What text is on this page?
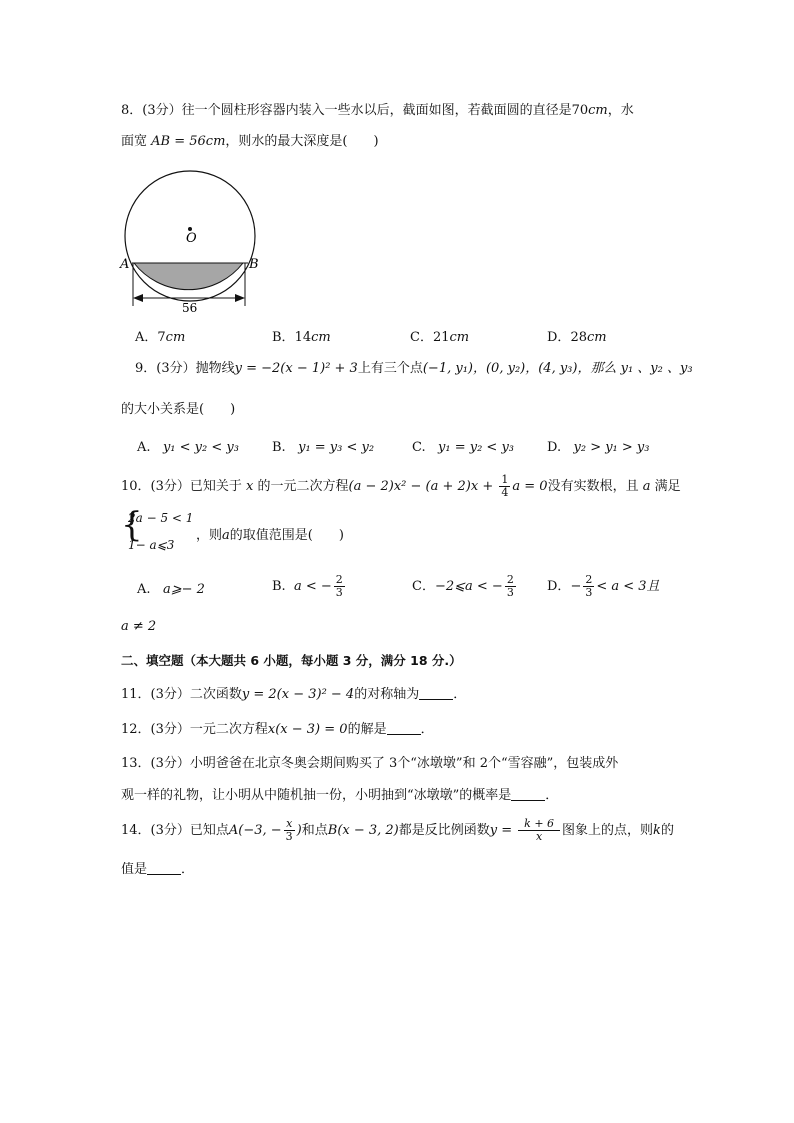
8．(3分）往一个圆柱形容器内装入一些水以后，截面如图，若截面圆的直径是70cm，水
面宽 AB = 56cm，则水的最大深度是(　　)
O
A	B
56
A．7cm	B．14cm	C．21cm	D．28cm
9．(3分）抛物线y = −2(x − 1)² + 3上有三个点(−1, y₁)，(0, y₂)，(4, y₃)，那么 y₁ 、y₂ 、y₃
的大小关系是(　　)
A. y₁ < y₂ < y₃	B. y₁ = y₃ < y₂	C. y₁ = y₂ < y₃	D. y₂ > y₁ > y₃
10．(3分）已知关于 x 的一元二次方程$(a - 2)x^2 - (a + 2)x + \frac{1}{4}$ a = 0没有实数根，且 a 满足
{
2a − 5 < 1
1− a⩽3
，则a的取值范围是(　　)
A. a⩾− 2	B. a < − $\frac{2}{3}$	C．−2⩽a < − $\frac{2}{3}$ D．− $\frac{2}{3} < a < 3$且
a ≠ 2
二、填空题（本大题共 6 小题，每小题 3 分，满分 18 分.）
11．(3分）二次函数y = 2(x − 3)² − 4的对称轴为	．
12．(3分）一元二次方程x(x − 3) = 0的解是	．
13．(3分）小明爸爸在北京冬奥会期间购买了 3个“冰墩墩”和 2个“雪容融”，包装成外
观一样的礼物，让小明从中随机抽一份，小明抽到“冰墩墩”的概率是	．
14．(3分）已知点A(−3, − $\frac{x}{3}$ )和点B(x − 3, 2)都是反比例函数$y = \frac{k + 6}{x}$ 图象上的点，则k的
值是	．
